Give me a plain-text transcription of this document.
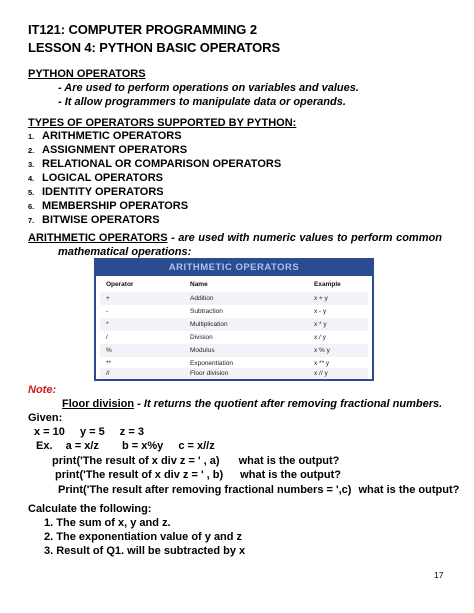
IT121: COMPUTER PROGRAMMING 2
LESSON 4: PYTHON BASIC OPERATORS
PYTHON OPERATORS
- Are used to perform operations on variables and values.
- It allow programmers to manipulate data or operands.
TYPES OF OPERATORS SUPPORTED BY PYTHON:
1. ARITHMETIC OPERATORS
2. ASSIGNMENT OPERATORS
3. RELATIONAL OR COMPARISON OPERATORS
4. LOGICAL OPERATORS
5. IDENTITY OPERATORS
6. MEMBERSHIP OPERATORS
7. BITWISE OPERATORS
ARITHMETIC OPERATORS - are used with numeric values to perform common
mathematical operations:
ARITHMETIC OPERATORS
Operator	Name	Example
+	Addition	x + y
-	Subtraction	x - y
*	Multiplication	x * y
/	Division	x / y
%	Modulus	x % y
**	Exponentiation	x ** y
//	Floor division	x // y
Note:
Floor division - It returns the quotient after removing fractional numbers.
Given:
x = 10 y = 5 z = 3
Ex. a = x/z b = x%y c = x//z
print('The result of x div z = ' , a) what is the output?
print('The result of x div z = ' , b) what is the output?
Print('The result after removing fractional numbers = ',c) what is the output?
Calculate the following:
1. The sum of x, y and z.
2. The exponentiation value of y and z
3. Result of Q1. will be subtracted by x
17
